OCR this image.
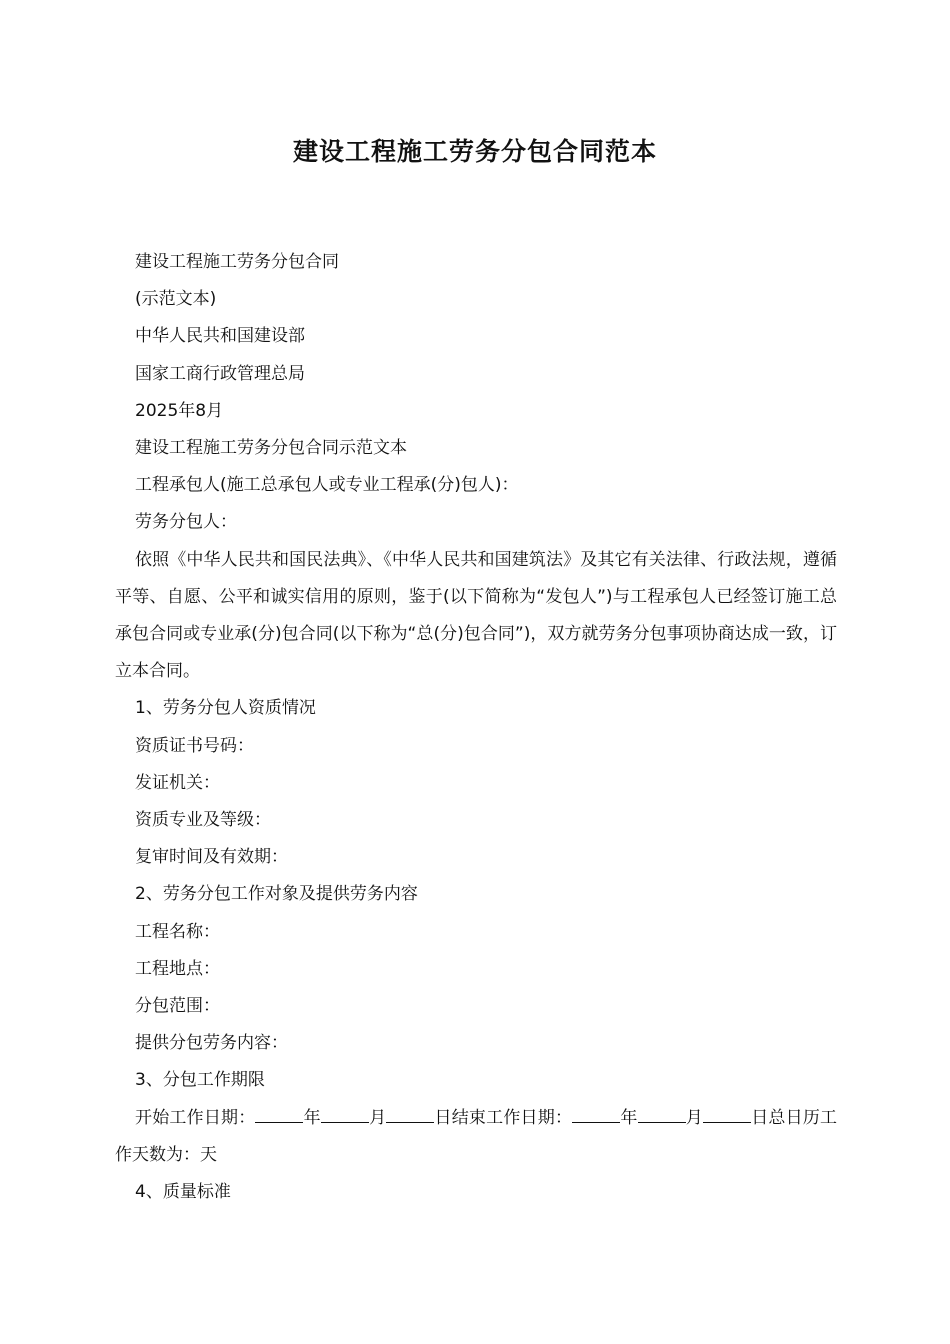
建设工程施工劳务分包合同范本
建设工程施工劳务分包合同
(示范文本)
中华人民共和国建设部
国家工商行政管理总局
2025年8月
建设工程施工劳务分包合同示范文本
工程承包人(施工总承包人或专业工程承(分)包人)：
劳务分包人：
依照《中华人民共和国民法典》、《中华人民共和国建筑法》及其它有关法律、行政法规，遵循平等、自愿、公平和诚实信用的原则，鉴于(以下简称为“发包人”)与工程承包人已经签订施工总承包合同或专业承(分)包合同(以下称为“总(分)包合同”)，双方就劳务分包事项协商达成一致，订立本合同。
1、劳务分包人资质情况
资质证书号码：
发证机关：
资质专业及等级：
复审时间及有效期：
2、劳务分包工作对象及提供劳务内容
工程名称：
工程地点：
分包范围：
提供分包劳务内容：
3、分包工作期限
开始工作日期：	年	月	日结束工作日期：	年	月	日总日历工作天数为：天
4、质量标准
